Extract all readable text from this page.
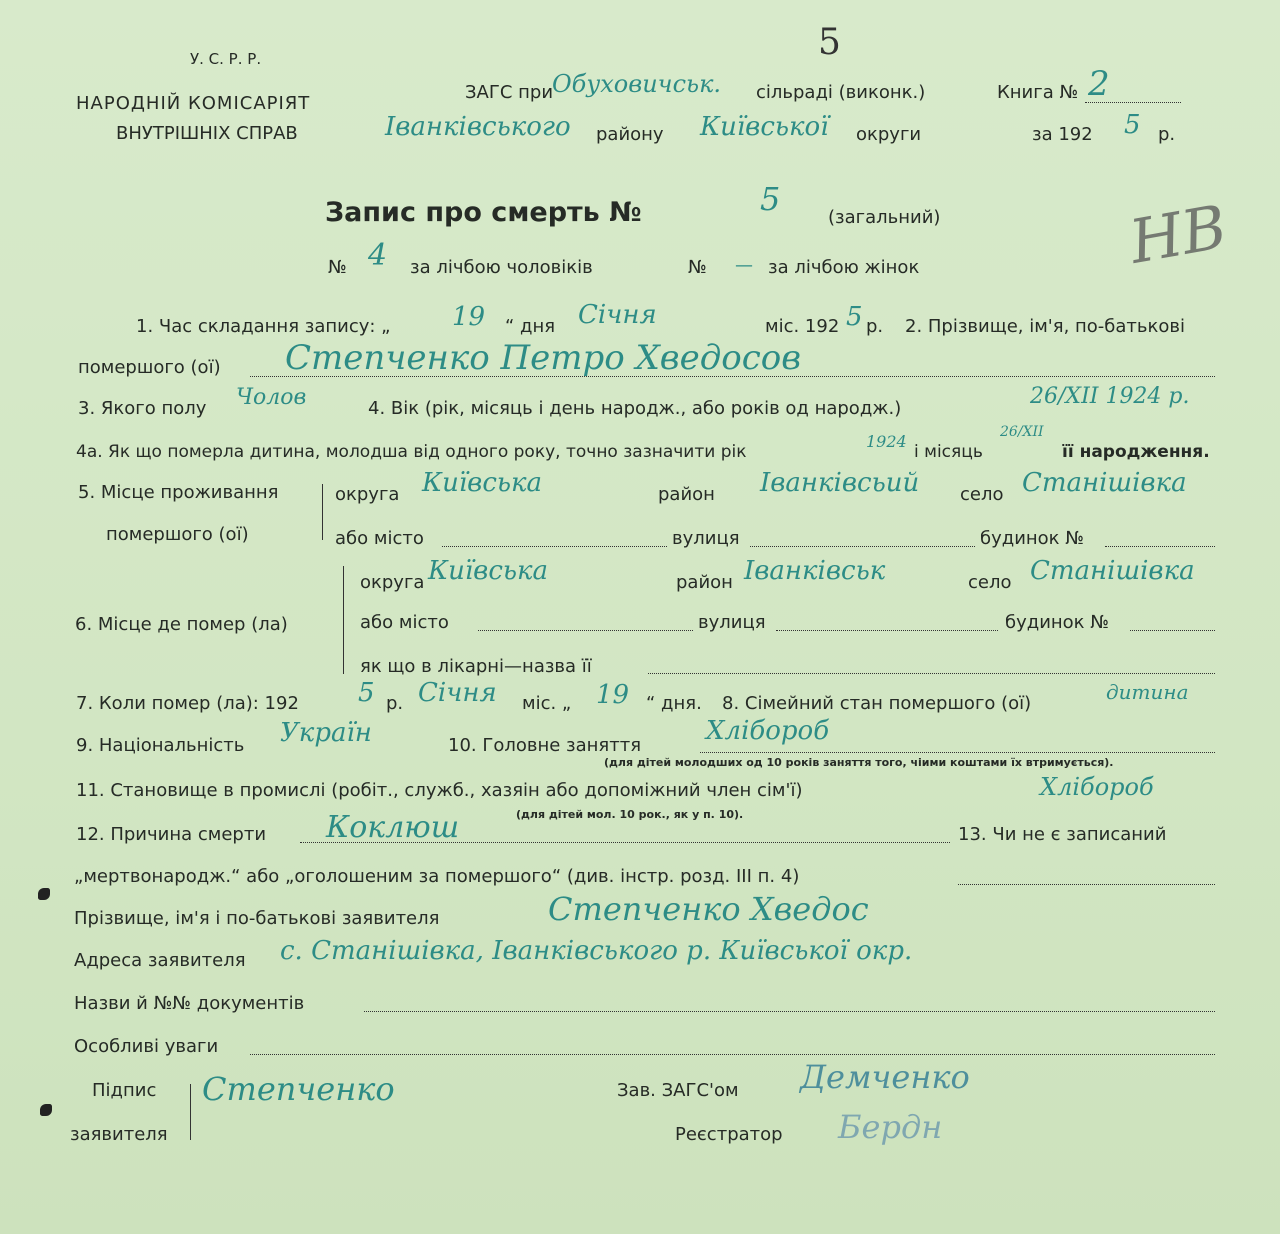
У. С. Р. Р.
НАРОДНІЙ КОМІСАРІЯТ
ВНУТРІШНІХ СПРАВ
ЗАГС при
Обуховичськ. сільраді (виконк.)
5
Книга № 2
Іванківського району Київської округи	за 192 5 р.
НВ
Запис про смерть №	5	(загальний)
№ 4 за лічбою чоловіків	№ — за лічбою жінок
1. Час складання запису: „ 19 “ дня Січня	міс. 192 5 р. 2. Прізвище, ім'я, по-батькові
помершого (ої) Степченко Петро Хведосов
3. Якого полу Чолов	4. Вік (рік, місяць і день народж., або років од народж.)	26/XII 1924 р.
4а. Як що померла дитина, молодша від одного року, точно зазначити рік
1924
і місяць
26/XII
її народження.
5. Місце проживання
помершого (ої)
округа Київська	район Іванківсьий село Станішівка
або місто	вулиця	будинок №
округа Київська	район Іванківськ	село Станішівка
6. Місце де помер (ла)	або місто	вулиця	будинок №
як що в лікарні—назва її
7. Коли помер (ла): 192 5 р. Січня міс. „ 19 “ дня. 8. Сімейний стан помершого (ої)	дитина
9. Національність Україн	10. Головне заняття Хлібороб
(для дітей молодших од 10 років заняття того, чіими коштами їх втримується).
11. Становище в промислі (робіт., служб., хазяін або допоміжний член сім'ї)	Хлібороб
(для дітей мол. 10 рок., як у п. 10).
12. Причина смерти Коклюш	13. Чи не є записаний
„мертвонародж.“ або „оголошеним за помершого“ (див. інстр. розд. III п. 4)
Прізвище, ім'я і по-батькові заявителя	Степченко Хведос
Адреса заявителя с. Станішівка, Іванківського р. Київської окр.
Назви й №№ документів
Особливі уваги
Підпис
заявителя
Степченко	Зав. ЗАГС'ом Демченко
Реєстратор Бердн
